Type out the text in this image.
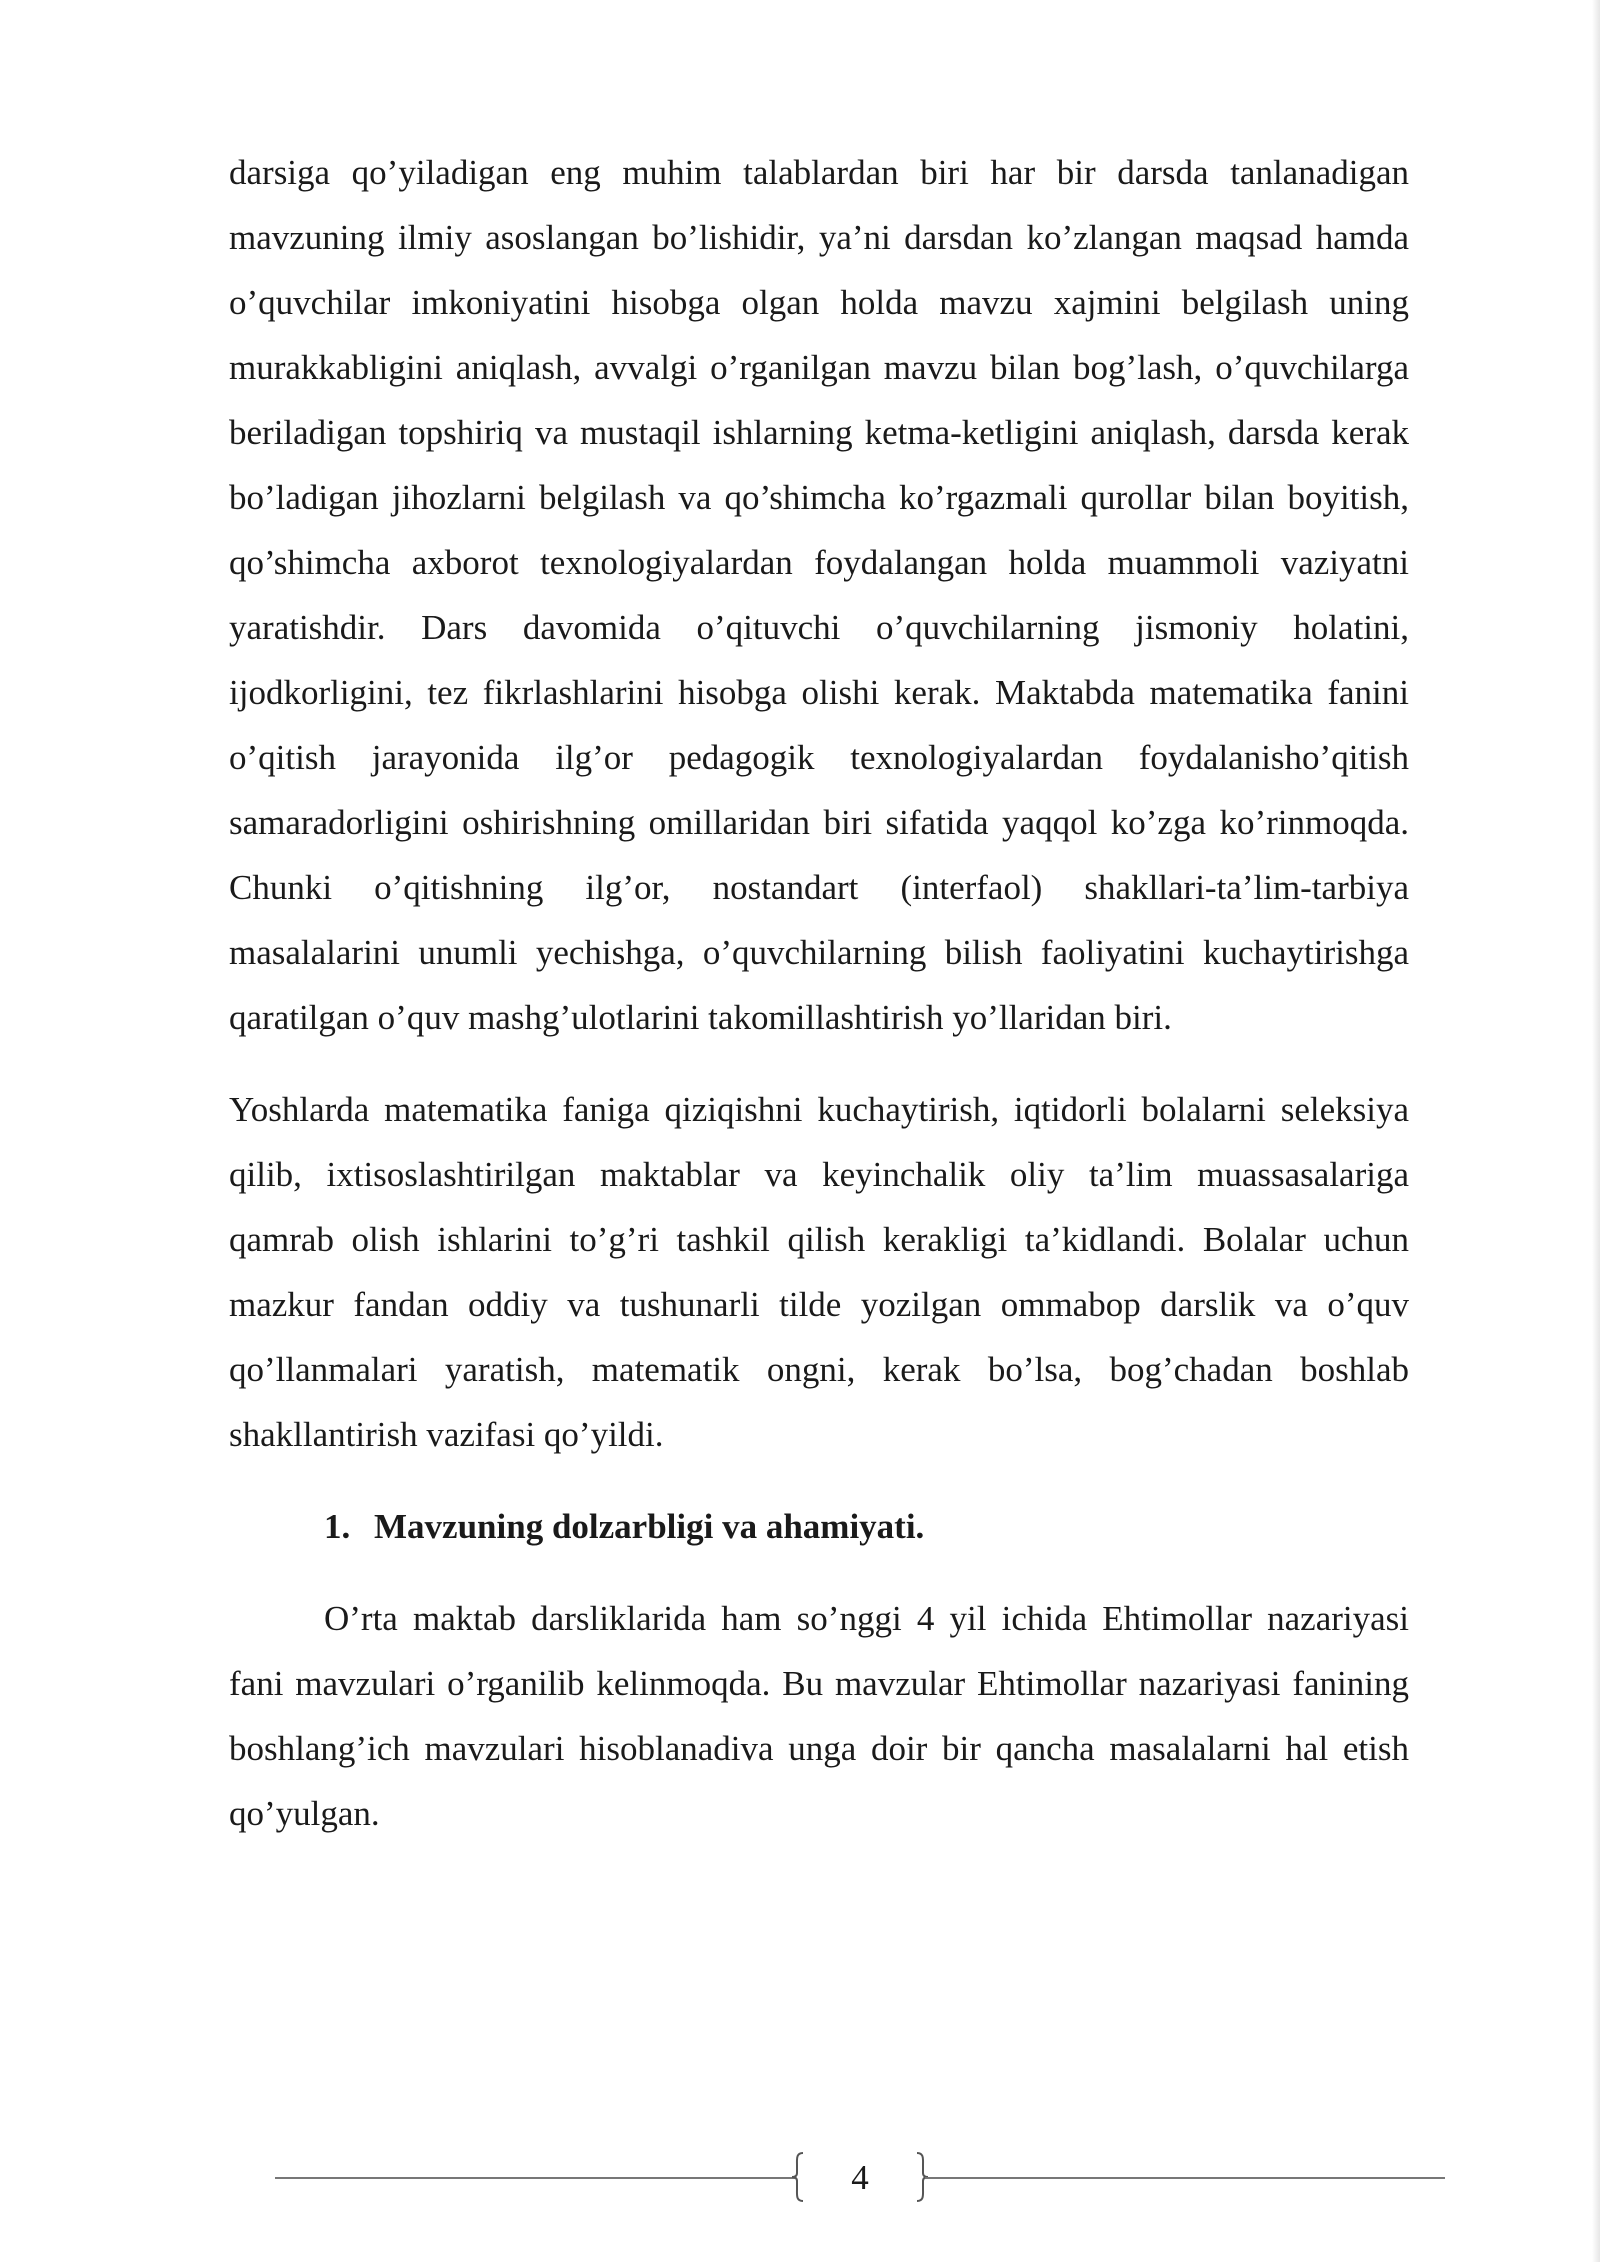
darsiga qo’yiladigan eng muhim talablardan biri har bir darsda tanlanadigan mavzuning ilmiy asoslangan bo’lishidir, ya’ni darsdan ko’zlangan maqsad hamda o’quvchilar imkoniyatini hisobga olgan holda mavzu xajmini belgilash uning murakkabligini aniqlash, avvalgi o’rganilgan mavzu bilan bog’lash, o’quvchilarga beriladigan topshiriq va mustaqil ishlarning ketma-ketligini aniqlash, darsda kerak bo’ladigan jihozlarni belgilash va qo’shimcha ko’rgazmali qurollar bilan boyitish, qo’shimcha axborot texnologiyalardan foydalangan holda muammoli vaziyatni yaratishdir. Dars davomida o’qituvchi o’quvchilarning jismoniy holatini, ijodkorligini, tez fikrlashlarini hisobga olishi kerak. Maktabda matematika fanini o’qitish jarayonida ilg’or pedagogik texnologiyalardan foydalanisho’qitish samaradorligini oshirishning omillaridan biri sifatida yaqqol ko’zga ko’rinmoqda. Chunki o’qitishning ilg’or, nostandart (interfaol) shakllari-ta’lim-tarbiya masalalarini unumli yechishga, o’quvchilarning bilish faoliyatini kuchaytirishga qaratilgan o’quv mashg’ulotlarini takomillashtirish yo’llaridan biri.

Yoshlarda matematika faniga qiziqishni kuchaytirish, iqtidorli bolalarni seleksiya qilib, ixtisoslashtirilgan maktablar va keyinchalik oliy ta’lim muassasalariga qamrab olish ishlarini to’g’ri tashkil qilish kerakligi ta’kidlandi. Bolalar uchun mazkur fandan oddiy va tushunarli tilde yozilgan ommabop darslik va o’quv qo’llanmalari yaratish, matematik ongni, kerak bo’lsa, bog’chadan boshlab shakllantirish vazifasi qo’yildi.

1. Mavzuning dolzarbligi va ahamiyati.

O’rta maktab darsliklarida ham so’nggi 4 yil ichida Ehtimollar nazariyasi fani mavzulari o’rganilib kelinmoqda. Bu mavzular Ehtimollar nazariyasi fanining boshlang’ich mavzulari hisoblanadiva unga doir bir qancha masalalarni hal etish qo’yulgan.

4
